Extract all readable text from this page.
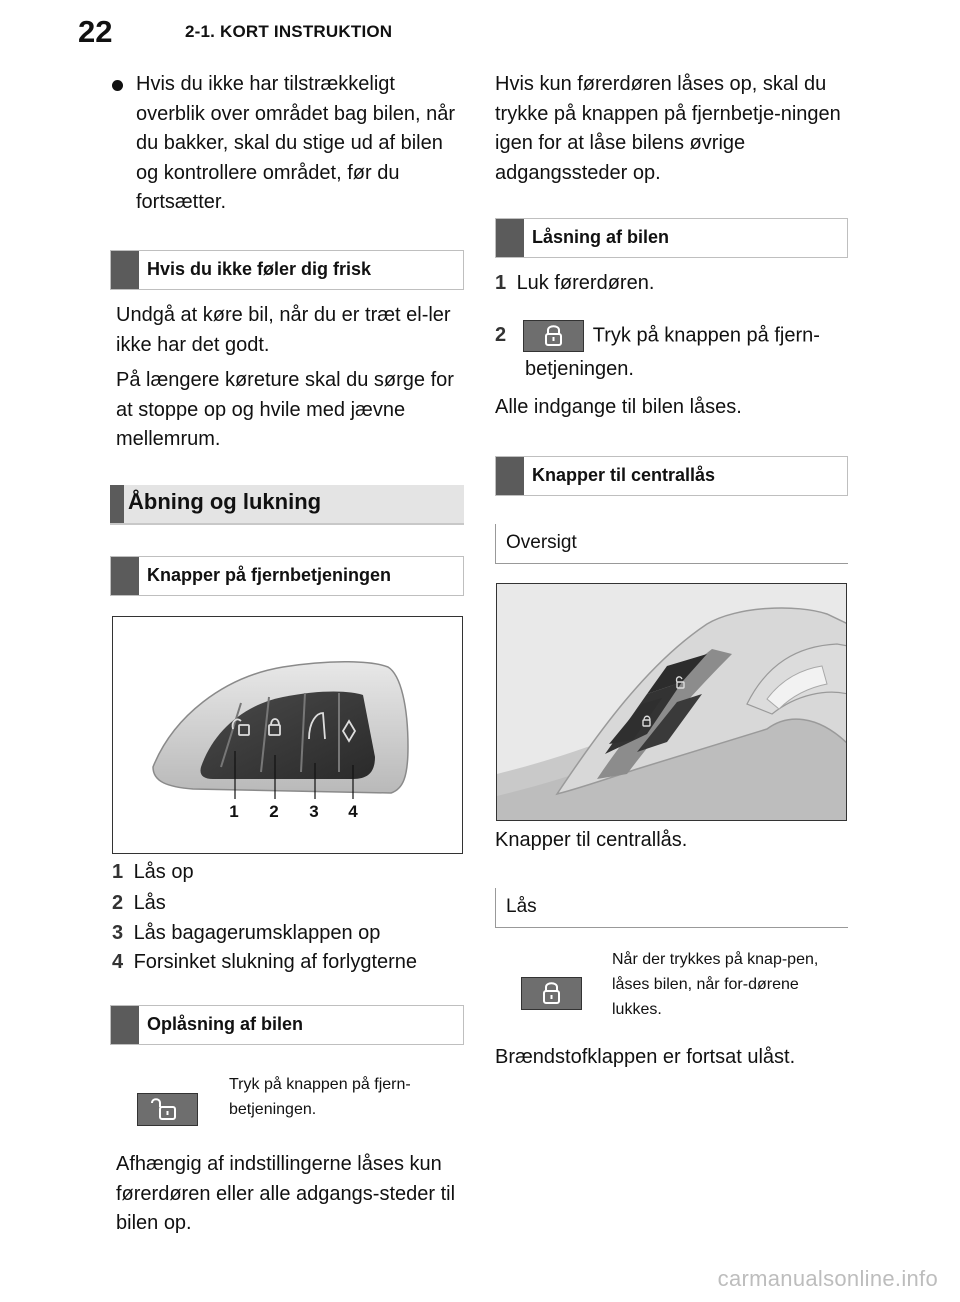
22	2-1. KORT INSTRUKTION
Hvis du ikke har tilstrækkeligt overblik over området bag bilen, når du bakker, skal du stige ud af bilen og kontrollere området, før du fortsætter.
Hvis du ikke føler dig frisk
Undgå at køre bil, når du er træt el-ler ikke har det godt.
På længere køreture skal du sørge for at stoppe op og hvile med jævne mellemrum.
Åbning og lukning
Knapper på fjernbetjeningen
1 2 3 4
1 Lås op
2 Lås
3 Lås bagagerumsklappen op
4 Forsinket slukning af forlygterne
Oplåsning af bilen
Tryk på knappen på fjern-betjeningen.
Afhængig af indstillingerne låses kun førerdøren eller alle adgangs-steder til bilen op.
Hvis kun førerdøren låses op, skal du trykke på knappen på fjernbetje-ningen igen for at låse bilens øvrige adgangssteder op.
Låsning af bilen
1 Luk førerdøren.
2	Tryk på knappen på fjern-
betjeningen.
Alle indgange til bilen låses.
Knapper til centrallås
Oversigt
Knapper til centrallås.
Lås
Når der trykkes på knap-pen, låses bilen, når for-dørene lukkes.
Brændstofklappen er fortsat ulåst.
carmanualsonline.info
